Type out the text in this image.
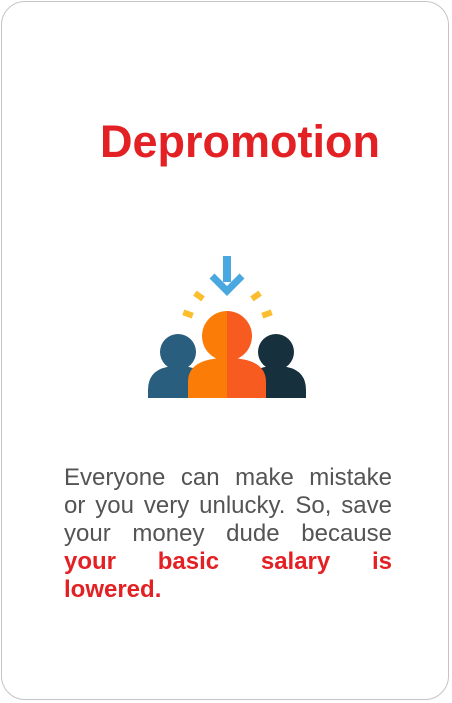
Depromotion

Everyone can make mistake
or you very unlucky. So, save
your money dude because
your basic salary is
lowered.
